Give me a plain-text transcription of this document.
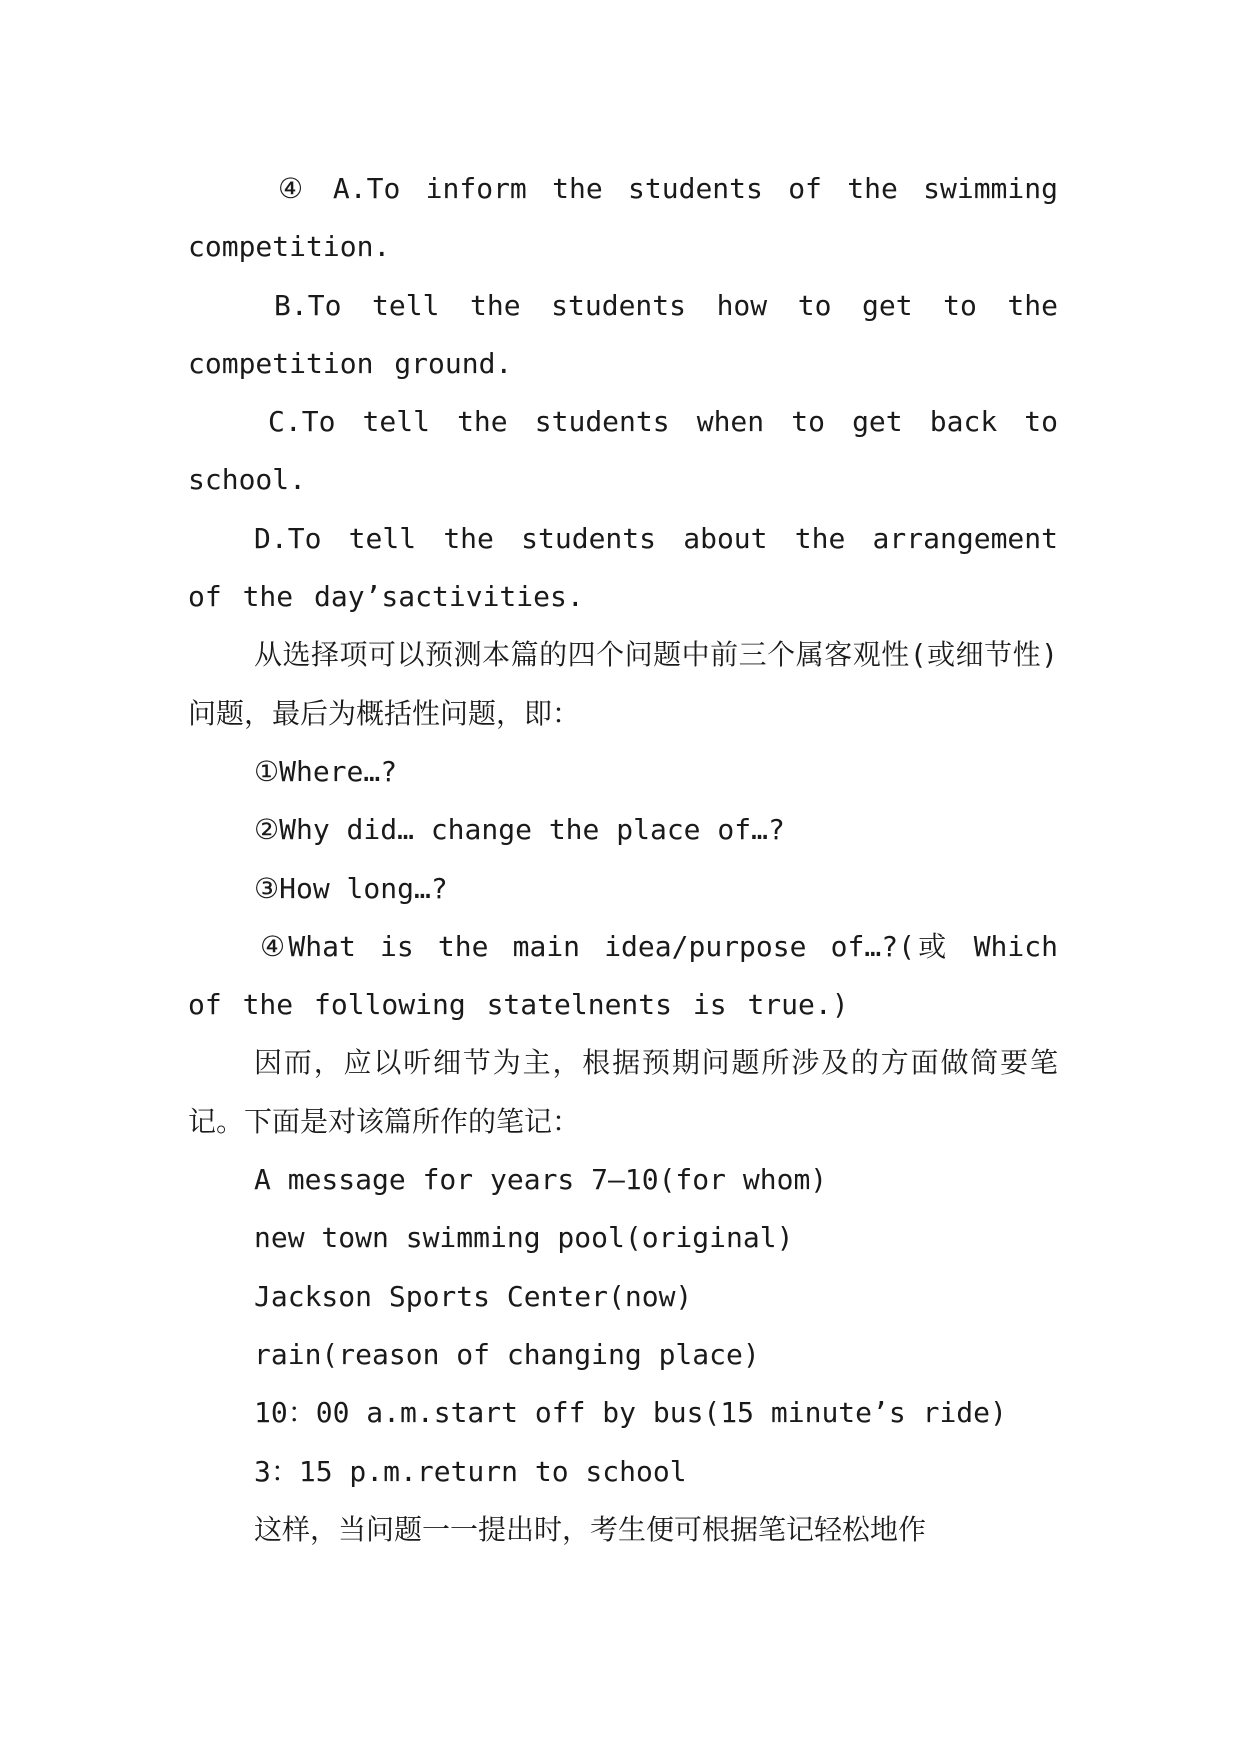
④ A.To inform the students of the swimming competition.

B.To tell the students how to get to the competition ground.

C.To tell the students when to get back to school.

D.To tell the students about the arrangement of the day’sactivities.

从选择项可以预测本篇的四个问题中前三个属客观性(或细节性)问题，最后为概括性问题，即：

①Where…?

②Why did… change the place of…?

③How long…?

④What is the main idea/purpose of…?(或 Which of the following statelnents is true.)

因而，应以听细节为主，根据预期问题所涉及的方面做简要笔记。下面是对该篇所作的笔记：

A message for years 7—10(for whom)

new town swimming pool(original)

Jackson Sports Center(now)

rain(reason of changing place)

10：00 a.m.start off by bus(15 minute’s ride)

3：15 p.m.return to school

这样，当问题一一提出时，考生便可根据笔记轻松地作
